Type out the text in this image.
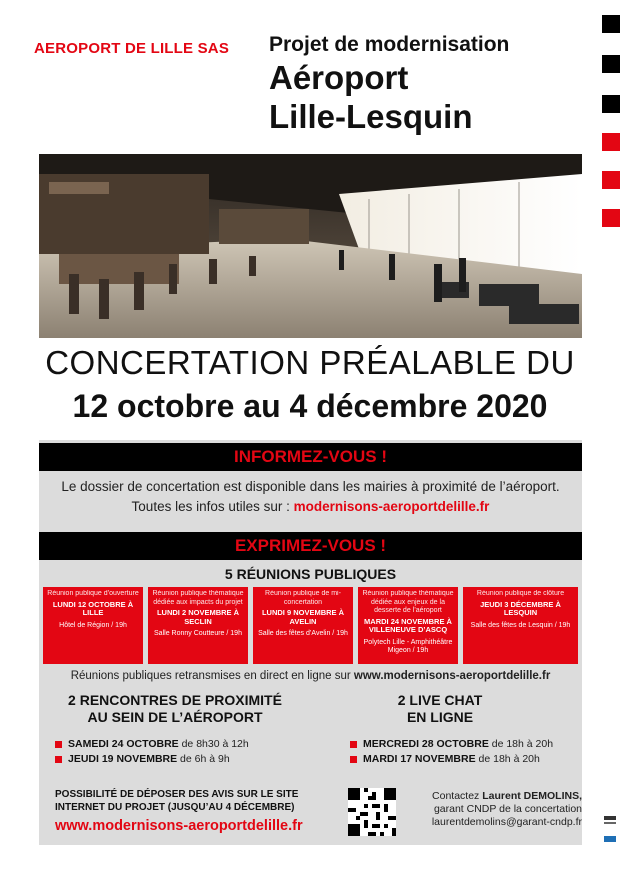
AEROPORT DE LILLE SAS Projet de modernisation
Aéroport
Lille-Lesquin
CONCERTATION PRÉALABLE DU
12 octobre au 4 décembre 2020
INFORMEZ-VOUS !
Le dossier de concertation est disponible dans les mairies à proximité de l’aéroport.
Toutes les infos utiles sur : modernisons-aeroportdelille.fr
EXPRIMEZ-VOUS !
5 RÉUNIONS PUBLIQUES
Réunion publique d’ouverture
LUNDI 12 OCTOBRE À LILLE
Hôtel de Région / 19h
Réunion publique thématique dédiée aux impacts du projet
LUNDI 2 NOVEMBRE À SECLIN
Salle Ronny Coutteure / 19h
Réunion publique de mi-concertation
LUNDI 9 NOVEMBRE À AVELIN
Salle des fêtes d’Avelin / 19h
Réunion publique thématique dédiée aux enjeux de la desserte de l’aéroport
MARDI 24 NOVEMBRE À VILLENEUVE D’ASCQ
Polytech Lille - Amphithéâtre Migeon / 19h
Réunion publique de clôture
JEUDI 3 DÉCEMBRE À LESQUIN
Salle des fêtes de Lesquin / 19h
Réunions publiques retransmises en direct en ligne sur www.modernisons-aeroportdelille.fr
2 RENCONTRES DE PROXIMITÉ
AU SEIN DE L’AÉROPORT
SAMEDI 24 OCTOBRE de 8h30 à 12h
JEUDI 19 NOVEMBRE de 6h à 9h
2 LIVE CHAT
EN LIGNE
MERCREDI 28 OCTOBRE de 18h à 20h
MARDI 17 NOVEMBRE de 18h à 20h
POSSIBILITÉ DE DÉPOSER DES AVIS SUR LE SITE
INTERNET DU PROJET (JUSQU’AU 4 DÉCEMBRE)
www.modernisons-aeroportdelille.fr
Contactez Laurent DEMOLINS,
garant CNDP de la concertation
laurentdemolins@garant-cndp.fr
